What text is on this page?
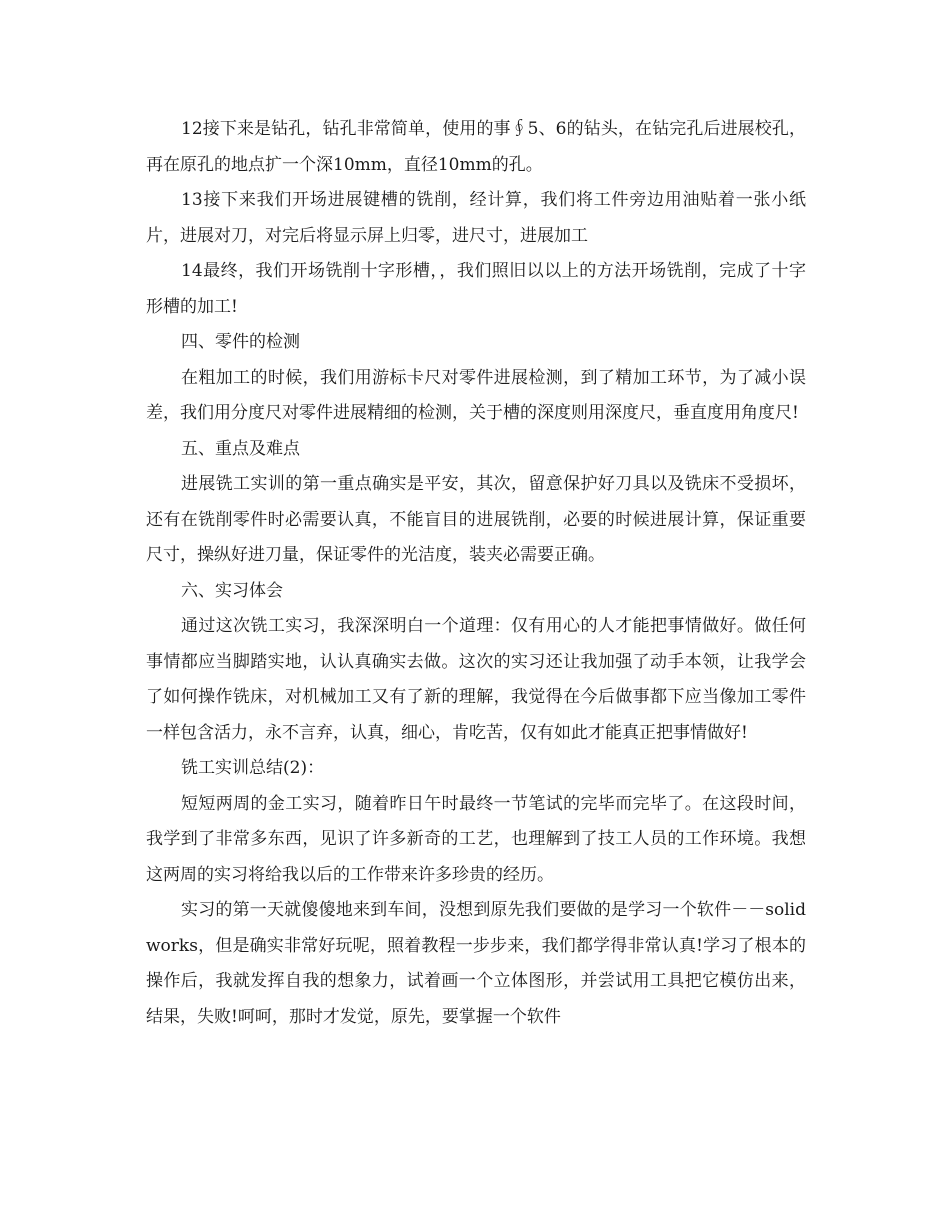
12接下来是钻孔，钻孔非常简单，使用的事∮5、6的钻头，在钻完孔后进展校孔，再在原孔的地点扩一个深10mm，直径10mm的孔。

13接下来我们开场进展键槽的铣削，经计算，我们将工件旁边用油贴着一张小纸片，进展对刀，对完后将显示屏上归零，进尺寸，进展加工

14最终，我们开场铣削十字形槽，，我们照旧以以上的方法开场铣削，完成了十字形槽的加工!

四、零件的检测

在粗加工的时候，我们用游标卡尺对零件进展检测，到了精加工环节，为了减小误差，我们用分度尺对零件进展精细的检测，关于槽的深度则用深度尺，垂直度用角度尺!

五、重点及难点

进展铣工实训的第一重点确实是平安，其次，留意保护好刀具以及铣床不受损坏，还有在铣削零件时必需要认真，不能盲目的进展铣削，必要的时候进展计算，保证重要尺寸，操纵好进刀量，保证零件的光洁度，装夹必需要正确。

六、实习体会

通过这次铣工实习，我深深明白一个道理：仅有用心的人才能把事情做好。做任何事情都应当脚踏实地，认认真确实去做。这次的实习还让我加强了动手本领，让我学会了如何操作铣床，对机械加工又有了新的理解，我觉得在今后做事都下应当像加工零件一样包含活力，永不言弃，认真，细心，肯吃苦，仅有如此才能真正把事情做好!

铣工实训总结(2)：

短短两周的金工实习，随着昨日午时最终一节笔试的完毕而完毕了。在这段时间，我学到了非常多东西，见识了许多新奇的工艺，也理解到了技工人员的工作环境。我想这两周的实习将给我以后的工作带来许多珍贵的经历。

实习的第一天就傻傻地来到车间，没想到原先我们要做的是学习一个软件－－solidworks，但是确实非常好玩呢，照着教程一步步来，我们都学得非常认真!学习了根本的操作后，我就发挥自我的想象力，试着画一个立体图形，并尝试用工具把它模仿出来，结果，失败!呵呵，那时才发觉，原先，要掌握一个软件
